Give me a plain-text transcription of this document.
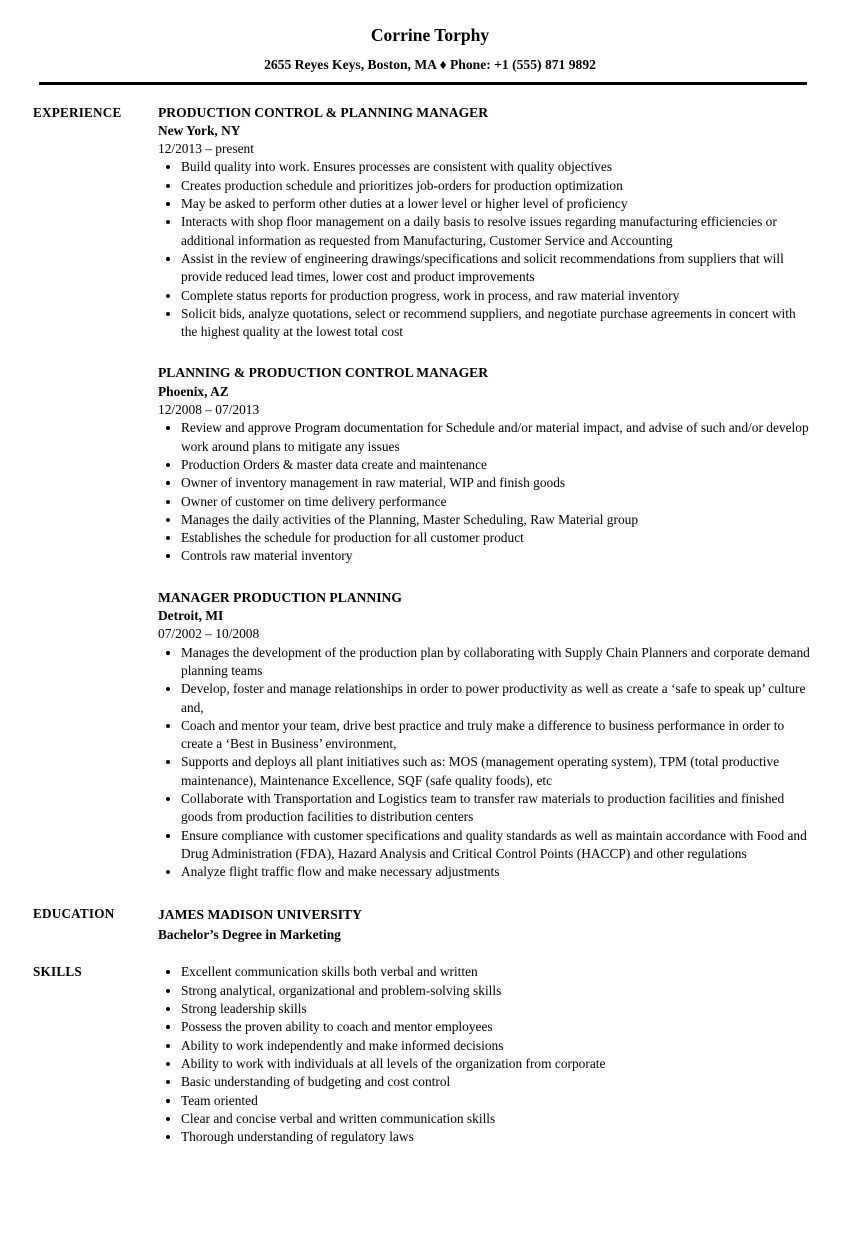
Corrine Torphy

2655 Reyes Keys, Boston, MA ♦ Phone: +1 (555) 871 9892

EXPERIENCE	PRODUCTION CONTROL & PLANNING MANAGER
New York, NY

12/2013 – present

• Build quality into work. Ensures processes are consistent with quality objectives
• Creates production schedule and prioritizes job-orders for production optimization
• May be asked to perform other duties at a lower level or higher level of proficiency
• Interacts with shop floor management on a daily basis to resolve issues regarding manufacturing efficiencies or additional information as requested from Manufacturing, Customer Service and Accounting
• Assist in the review of engineering drawings/specifications and solicit recommendations from suppliers that will provide reduced lead times, lower cost and product improvements
• Complete status reports for production progress, work in process, and raw material inventory
• Solicit bids, analyze quotations, select or recommend suppliers, and negotiate purchase agreements in concert with the highest quality at the lowest total cost
PLANNING & PRODUCTION CONTROL MANAGER
Phoenix, AZ

12/2008 – 07/2013

• Review and approve Program documentation for Schedule and/or material impact, and advise of such and/or develop work around plans to mitigate any issues
• Production Orders & master data create and maintenance
• Owner of inventory management in raw material, WIP and finish goods
• Owner of customer on time delivery performance
• Manages the daily activities of the Planning, Master Scheduling, Raw Material group
• Establishes the schedule for production for all customer product
• Controls raw material inventory
MANAGER PRODUCTION PLANNING
Detroit, MI

07/2002 – 10/2008

• Manages the development of the production plan by collaborating with Supply Chain Planners and corporate demand planning teams
• Develop, foster and manage relationships in order to power productivity as well as create a ‘safe to speak up’ culture and,
• Coach and mentor your team, drive best practice and truly make a difference to business performance in order to create a ‘Best in Business’ environment,
• Supports and deploys all plant initiatives such as: MOS (management operating system), TPM (total productive maintenance), Maintenance Excellence, SQF (safe quality foods), etc
• Collaborate with Transportation and Logistics team to transfer raw materials to production facilities and finished goods from production facilities to distribution centers
• Ensure compliance with customer specifications and quality standards as well as maintain accordance with Food and Drug Administration (FDA), Hazard Analysis and Critical Control Points (HACCP) and other regulations
• Analyze flight traffic flow and make necessary adjustments
EDUCATION	JAMES MADISON UNIVERSITY

Bachelor’s Degree in Marketing

SKILLS	• Excellent communication skills both verbal and written
• Strong analytical, organizational and problem-solving skills
• Strong leadership skills
• Possess the proven ability to coach and mentor employees
• Ability to work independently and make informed decisions
• Ability to work with individuals at all levels of the organization from corporate
• Basic understanding of budgeting and cost control
• Team oriented
• Clear and concise verbal and written communication skills
• Thorough understanding of regulatory laws
